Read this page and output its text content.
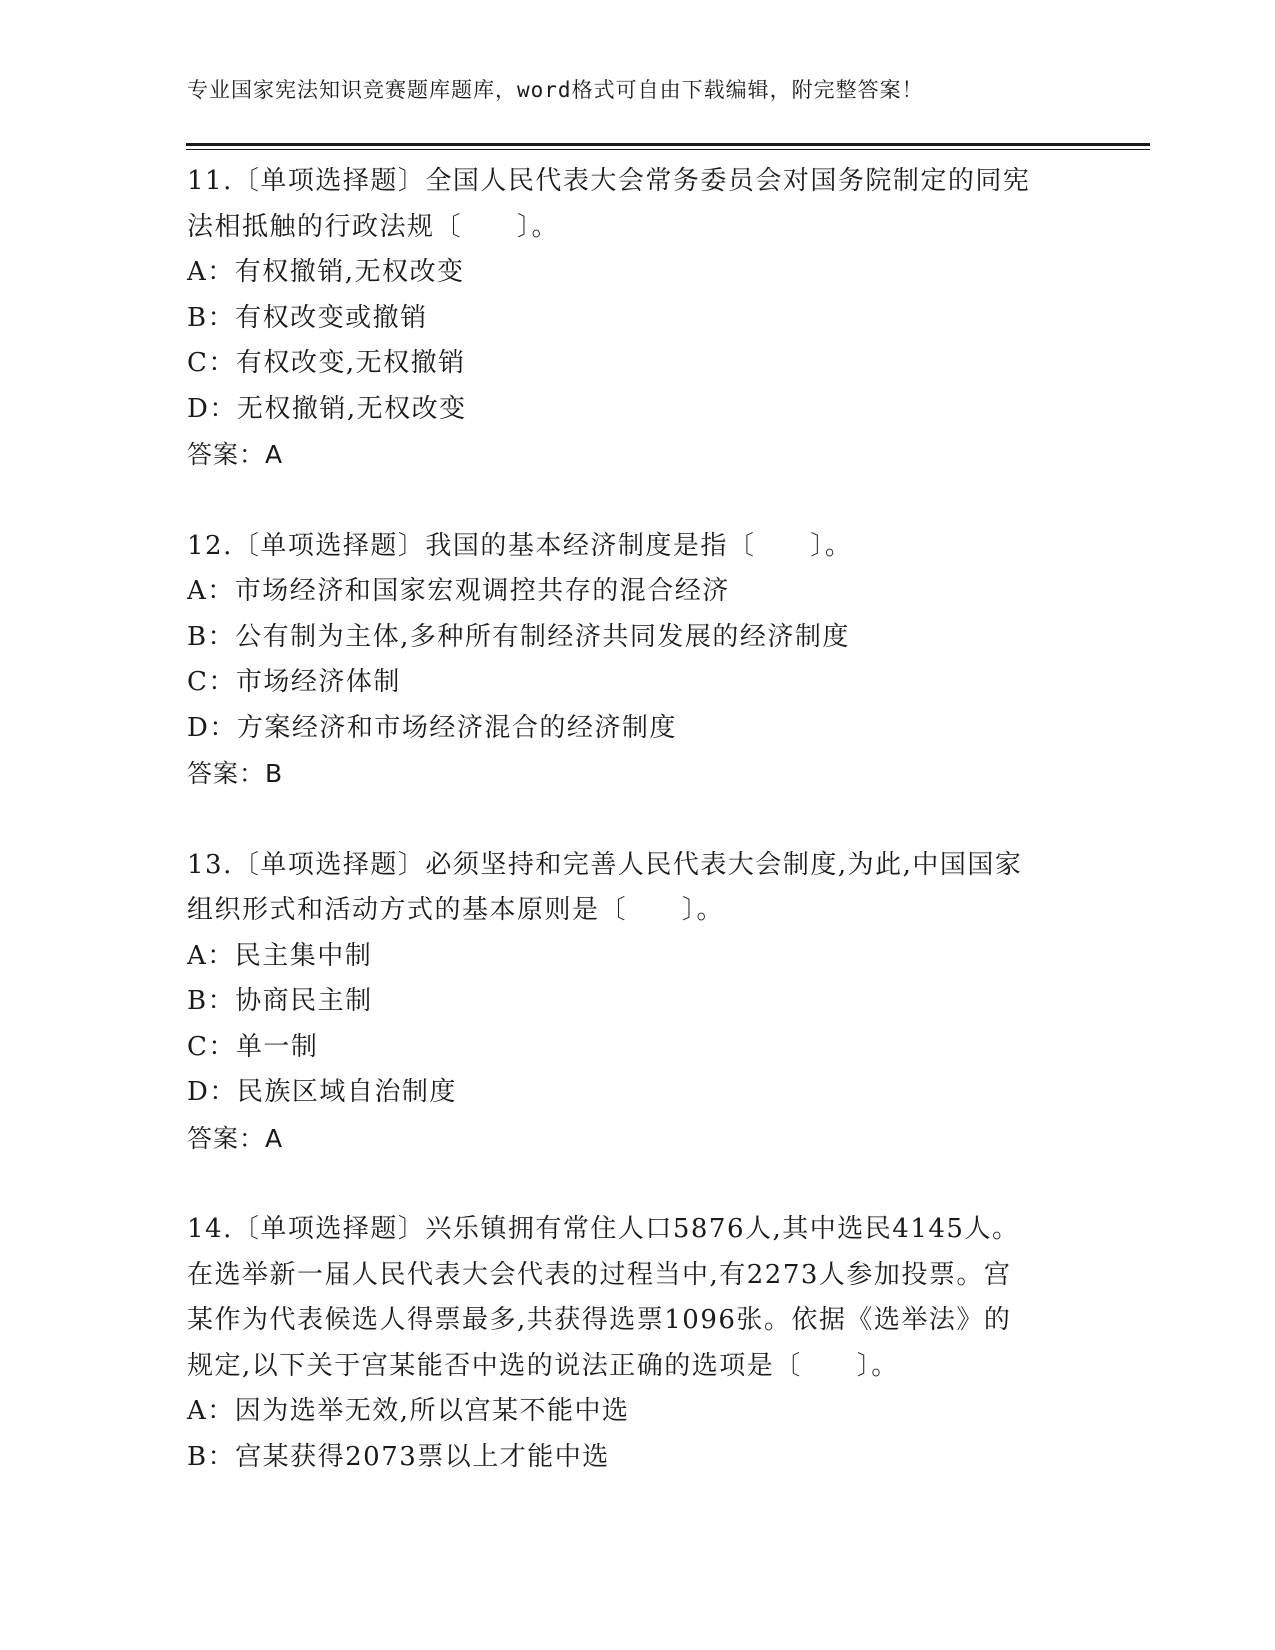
专业国家宪法知识竞赛题库题库，word格式可自由下载编辑，附完整答案！
11.〔单项选择题〕全国人民代表大会常务委员会对国务院制定的同宪
法相抵触的行政法规〔　　〕。
A：有权撤销,无权改变
B：有权改变或撤销
C：有权改变,无权撤销
D：无权撤销,无权改变
答案：A
12.〔单项选择题〕我国的基本经济制度是指〔　　〕。
A：市场经济和国家宏观调控共存的混合经济
B：公有制为主体,多种所有制经济共同发展的经济制度
C：市场经济体制
D：方案经济和市场经济混合的经济制度
答案：B
13.〔单项选择题〕必须坚持和完善人民代表大会制度,为此,中国国家
组织形式和活动方式的基本原则是〔　　〕。
A：民主集中制
B：协商民主制
C：单一制
D：民族区域自治制度
答案：A
14.〔单项选择题〕兴乐镇拥有常住人口5876人,其中选民4145人。
在选举新一届人民代表大会代表的过程当中,有2273人参加投票。宫
某作为代表候选人得票最多,共获得选票1096张。依据《选举法》的
规定,以下关于宫某能否中选的说法正确的选项是〔　　〕。
A：因为选举无效,所以宫某不能中选
B：宫某获得2073票以上才能中选
